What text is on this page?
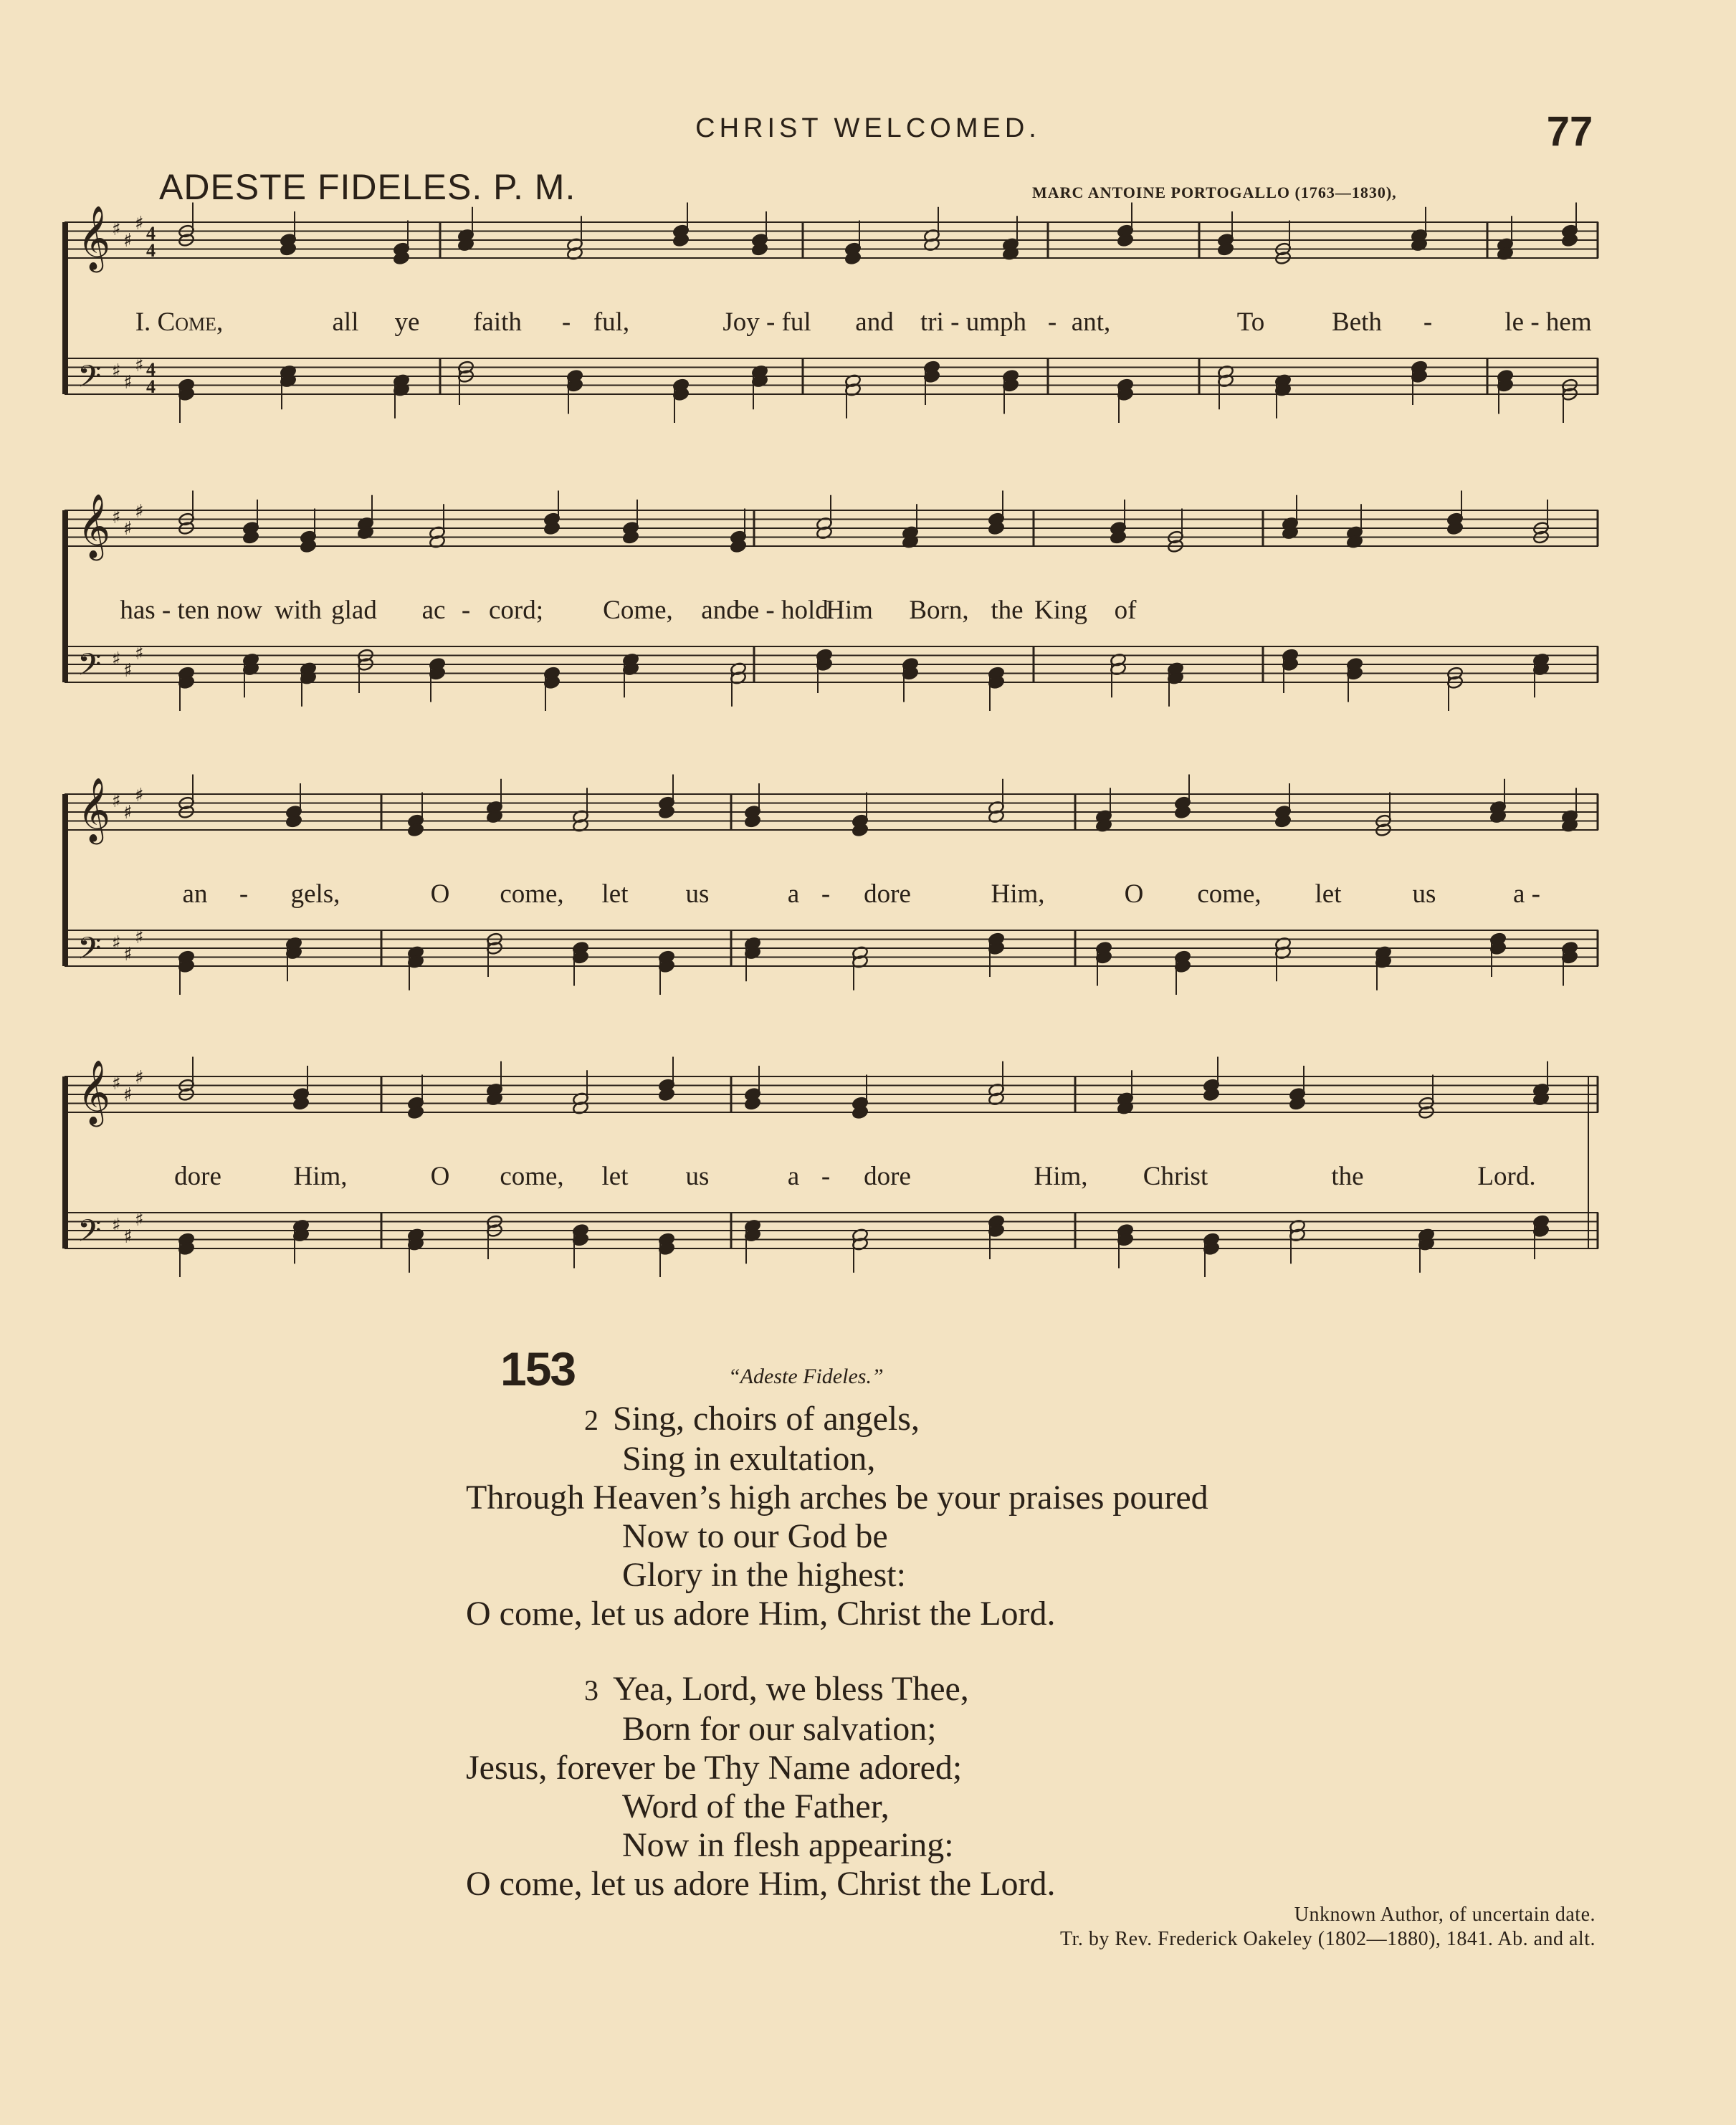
CHRIST WELCOMED.	77
ADESTE FIDELES. P. M.	MARC ANTOINE PORTOGALLO (1763—1830),
𝄞 ♯
♯
♯ 4
4
𝄢 ♯
♯
♯ 4
4
I. Come,	all ye faith - ful,	Joy - ful and tri - umph - ant,	To	Beth -	le - hem
𝄞 ♯
♯
♯
𝄢 ♯
♯
♯
has - ten now with glad ac - cord; Come, and
be - hold
Him Born, the King of
𝄞 ♯
♯
♯
𝄢 ♯
♯
♯
an - gels,	O come, let us	a - dore	Him,	O come, let	us	a -
𝄞 ♯
♯
♯
𝄢 ♯
♯
♯
dore	Him,	O come, let us	a - dore	Him, Christ	the	Lord.
153	“Adeste Fideles.”
2 Sing, choirs of angels,
Sing in exultation,
Through Heaven’s high arches be your praises poured
Now to our God be
Glory in the highest:
O come, let us adore Him, Christ the Lord.
3 Yea, Lord, we bless Thee,
Born for our salvation;
Jesus, forever be Thy Name adored;
Word of the Father,
Now in flesh appearing:
O come, let us adore Him, Christ the Lord.
Unknown Author, of uncertain date.
Tr. by Rev. Frederick Oakeley (1802—1880), 1841. Ab. and alt.
